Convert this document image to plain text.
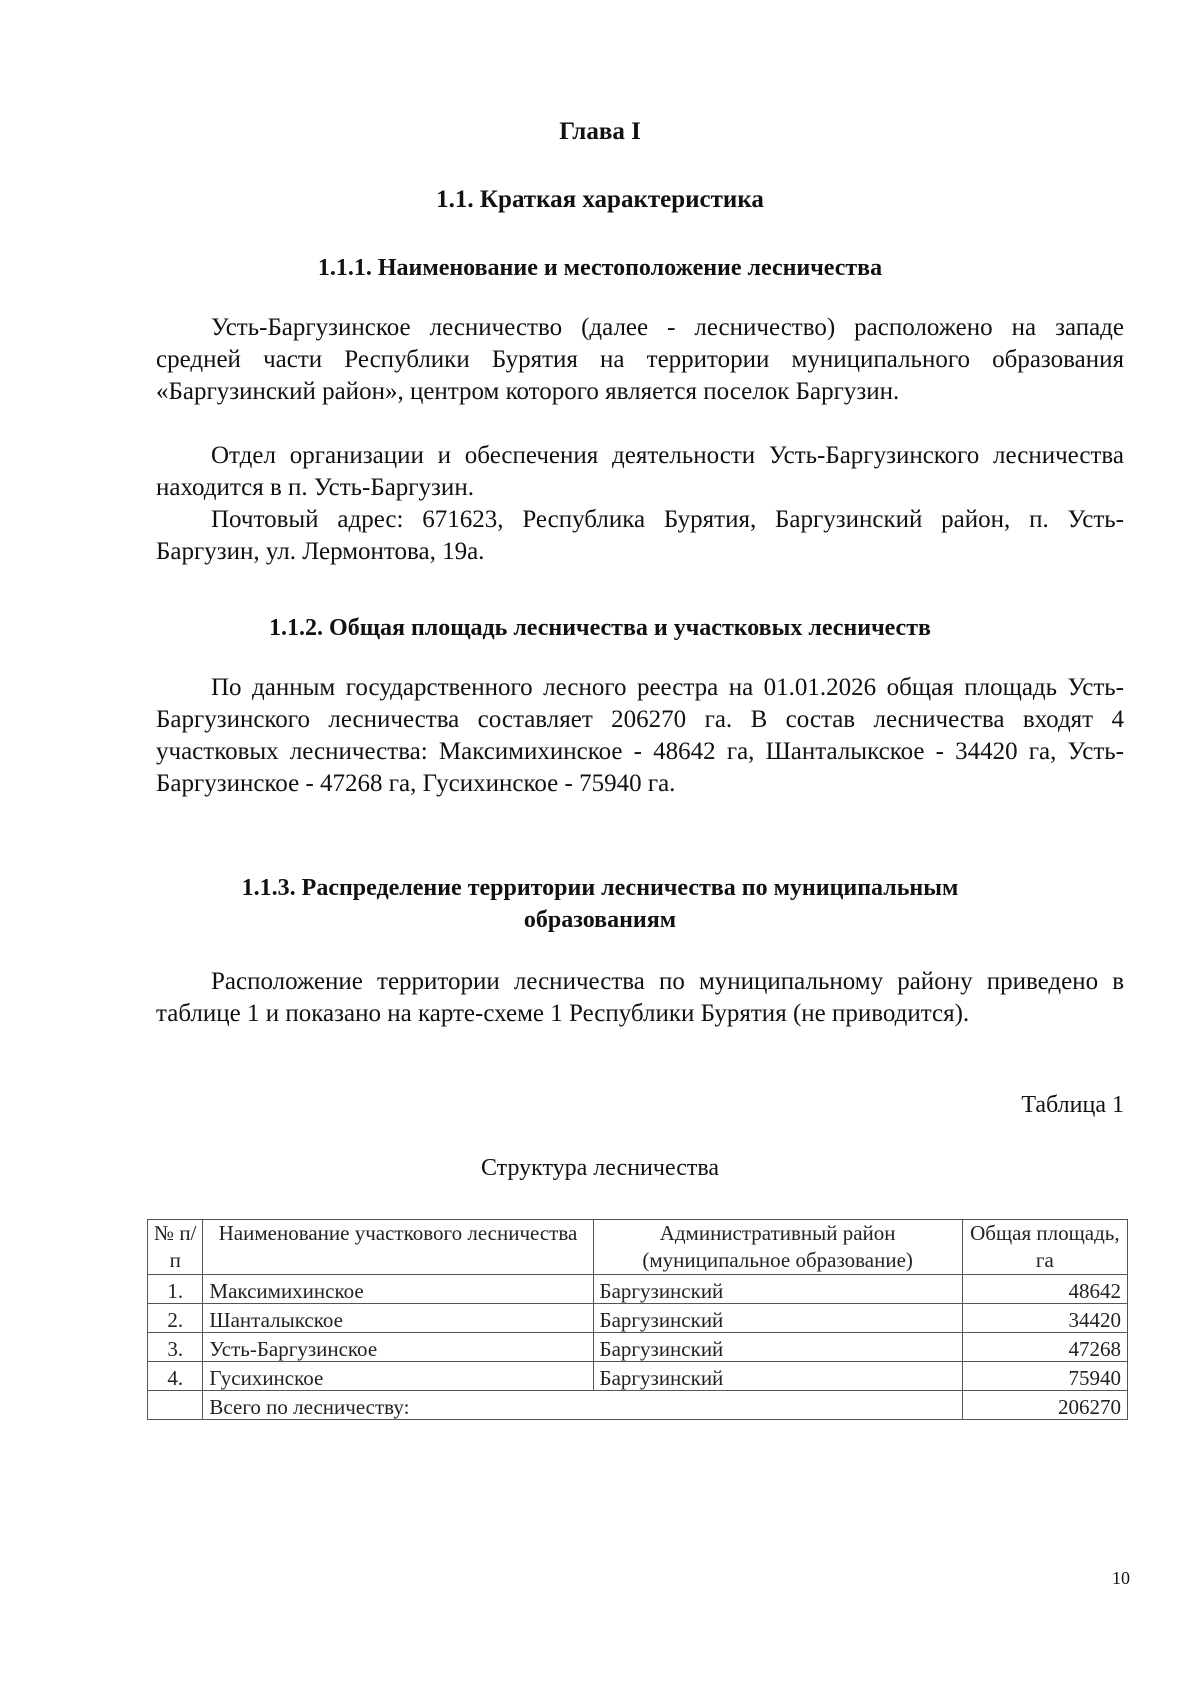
Глава I
1.1. Краткая характеристика
1.1.1. Наименование и местоположение лесничества

Усть-Баргузинское лесничество (далее - лесничество) расположено на западе средней части Республики Бурятия на территории муниципального образования «Баргузинский район», центром которого является поселок Баргузин.

Отдел организации и обеспечения деятельности Усть-Баргузинского лесничества находится в п. Усть-Баргузин.

Почтовый адрес: 671623, Республика Бурятия, Баргузинский район, п. Усть-Баргузин, ул. Лермонтова, 19а.

1.1.2. Общая площадь лесничества и участковых лесничеств

По данным государственного лесного реестра на 01.01.2026 общая площадь Усть-Баргузинского лесничества составляет 206270 га. В состав лесничества входят 4 участковых лесничества: Максимихинское - 48642 га, Шанталыкское - 34420 га, Усть-Баргузинское - 47268 га, Гусихинское - 75940 га.

1.1.3. Распределение территории лесничества по муниципальным
образованиям

Расположение территории лесничества по муниципальному району приведено в таблице 1 и показано на карте-схеме 1 Республики Бурятия (не приводится).

Таблица 1
Структура лесничества
№ п/п	Наименование участкового лесничества	Административный район (муниципальное образование)	Общая площадь, га
1.	Максимихинское	Баргузинский	48642
2.	Шанталыкское	Баргузинский	34420
3.	Усть-Баргузинское	Баргузинский	47268
4.	Гусихинское	Баргузинский	75940
	Всего по лесничеству:		206270
10
